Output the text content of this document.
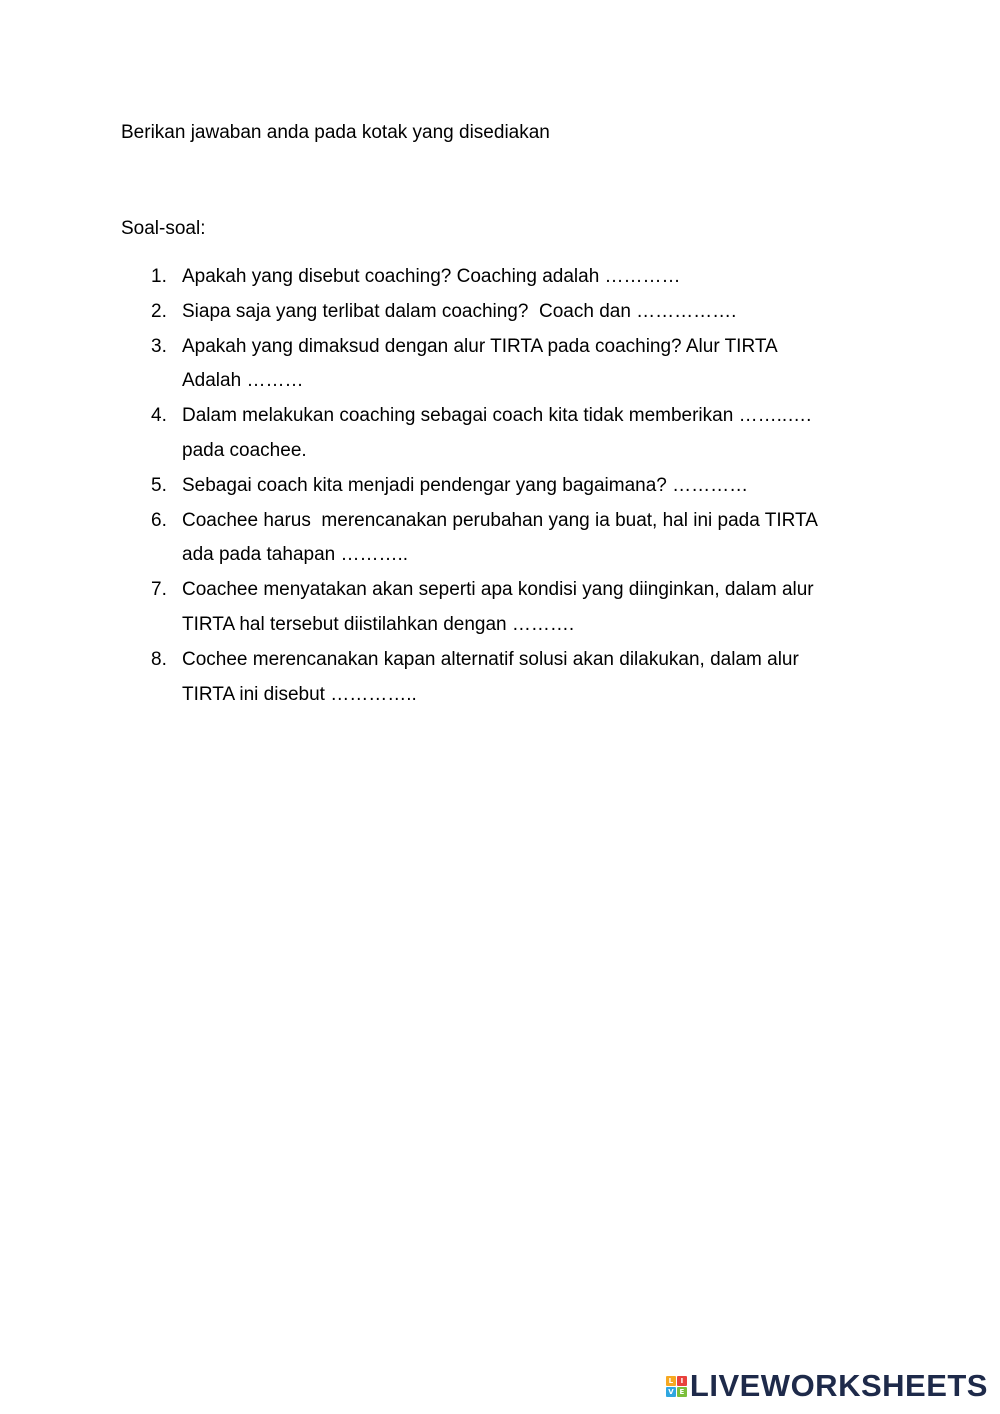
Berikan jawaban anda pada kotak yang disediakan
Soal-soal:
1. Apakah yang disebut coaching? Coaching adalah …………
2. Siapa saja yang terlibat dalam coaching?  Coach dan …………….
3. Apakah yang dimaksud dengan alur TIRTA pada coaching? Alur TIRTA
Adalah ………
4. Dalam melakukan coaching sebagai coach kita tidak memberikan ……..….
pada coachee.
5. Sebagai coach kita menjadi pendengar yang bagaimana? …………
6. Coachee harus  merencanakan perubahan yang ia buat, hal ini pada TIRTA
ada pada tahapan ………..
7. Coachee menyatakan akan seperti apa kondisi yang diinginkan, dalam alur
TIRTA hal tersebut diistilahkan dengan ……….
8. Cochee merencanakan kapan alternatif solusi akan dilakukan, dalam alur
TIRTA ini disebut …………..
L	I
V E LIVEWORKSHEETS
